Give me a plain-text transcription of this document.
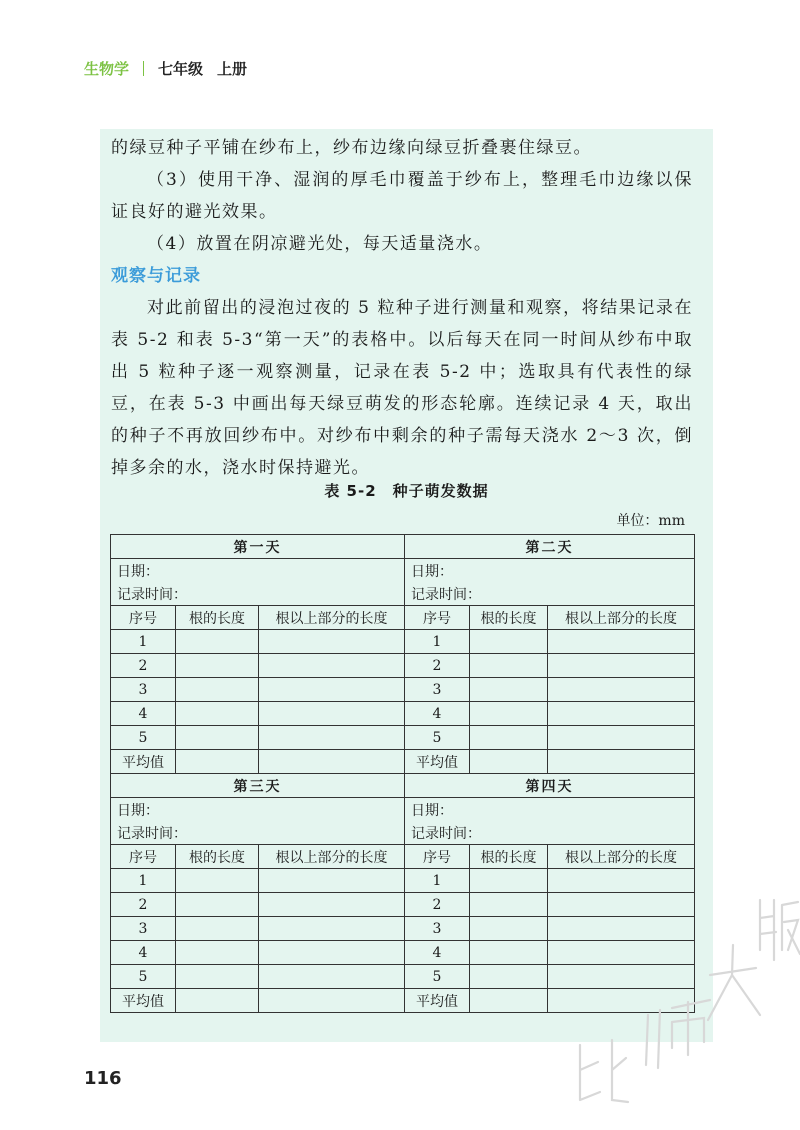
生物学 七年级 上册

的绿豆种子平铺在纱布上，纱布边缘向绿豆折叠裹住绿豆。

（3）使用干净、湿润的厚毛巾覆盖于纱布上，整理毛巾边缘以保证良好的避光效果。

（4）放置在阴凉避光处，每天适量浇水。

观察与记录

对此前留出的浸泡过夜的 5 粒种子进行测量和观察，将结果记录在表 5-2 和表 5-3“第一天”的表格中。以后每天在同一时间从纱布中取出 5 粒种子逐一观察测量，记录在表 5-2 中；选取具有代表性的绿豆，在表 5-3 中画出每天绿豆萌发的形态轮廓。连续记录 4 天，取出的种子不再放回纱布中。对纱布中剩余的种子需每天浇水 2～3 次，倒掉多余的水，浇水时保持避光。

表 5-2　种子萌发数据
单位：mm
第一天			第二天		
日期：			日期：		
记录时间：			记录时间：		
序号	根的长度	根以上部分的长度	序号	根的长度	根以上部分的长度
1			1		
2			2		
3			3		
4			4		
5			5		
平均值			平均值		
第三天			第四天		
日期：			日期：		
记录时间：			记录时间：		
序号	根的长度	根以上部分的长度	序号	根的长度	根以上部分的长度
1			1		
2			2		
3			3		
4			4		
5			5		
平均值			平均值		
116
